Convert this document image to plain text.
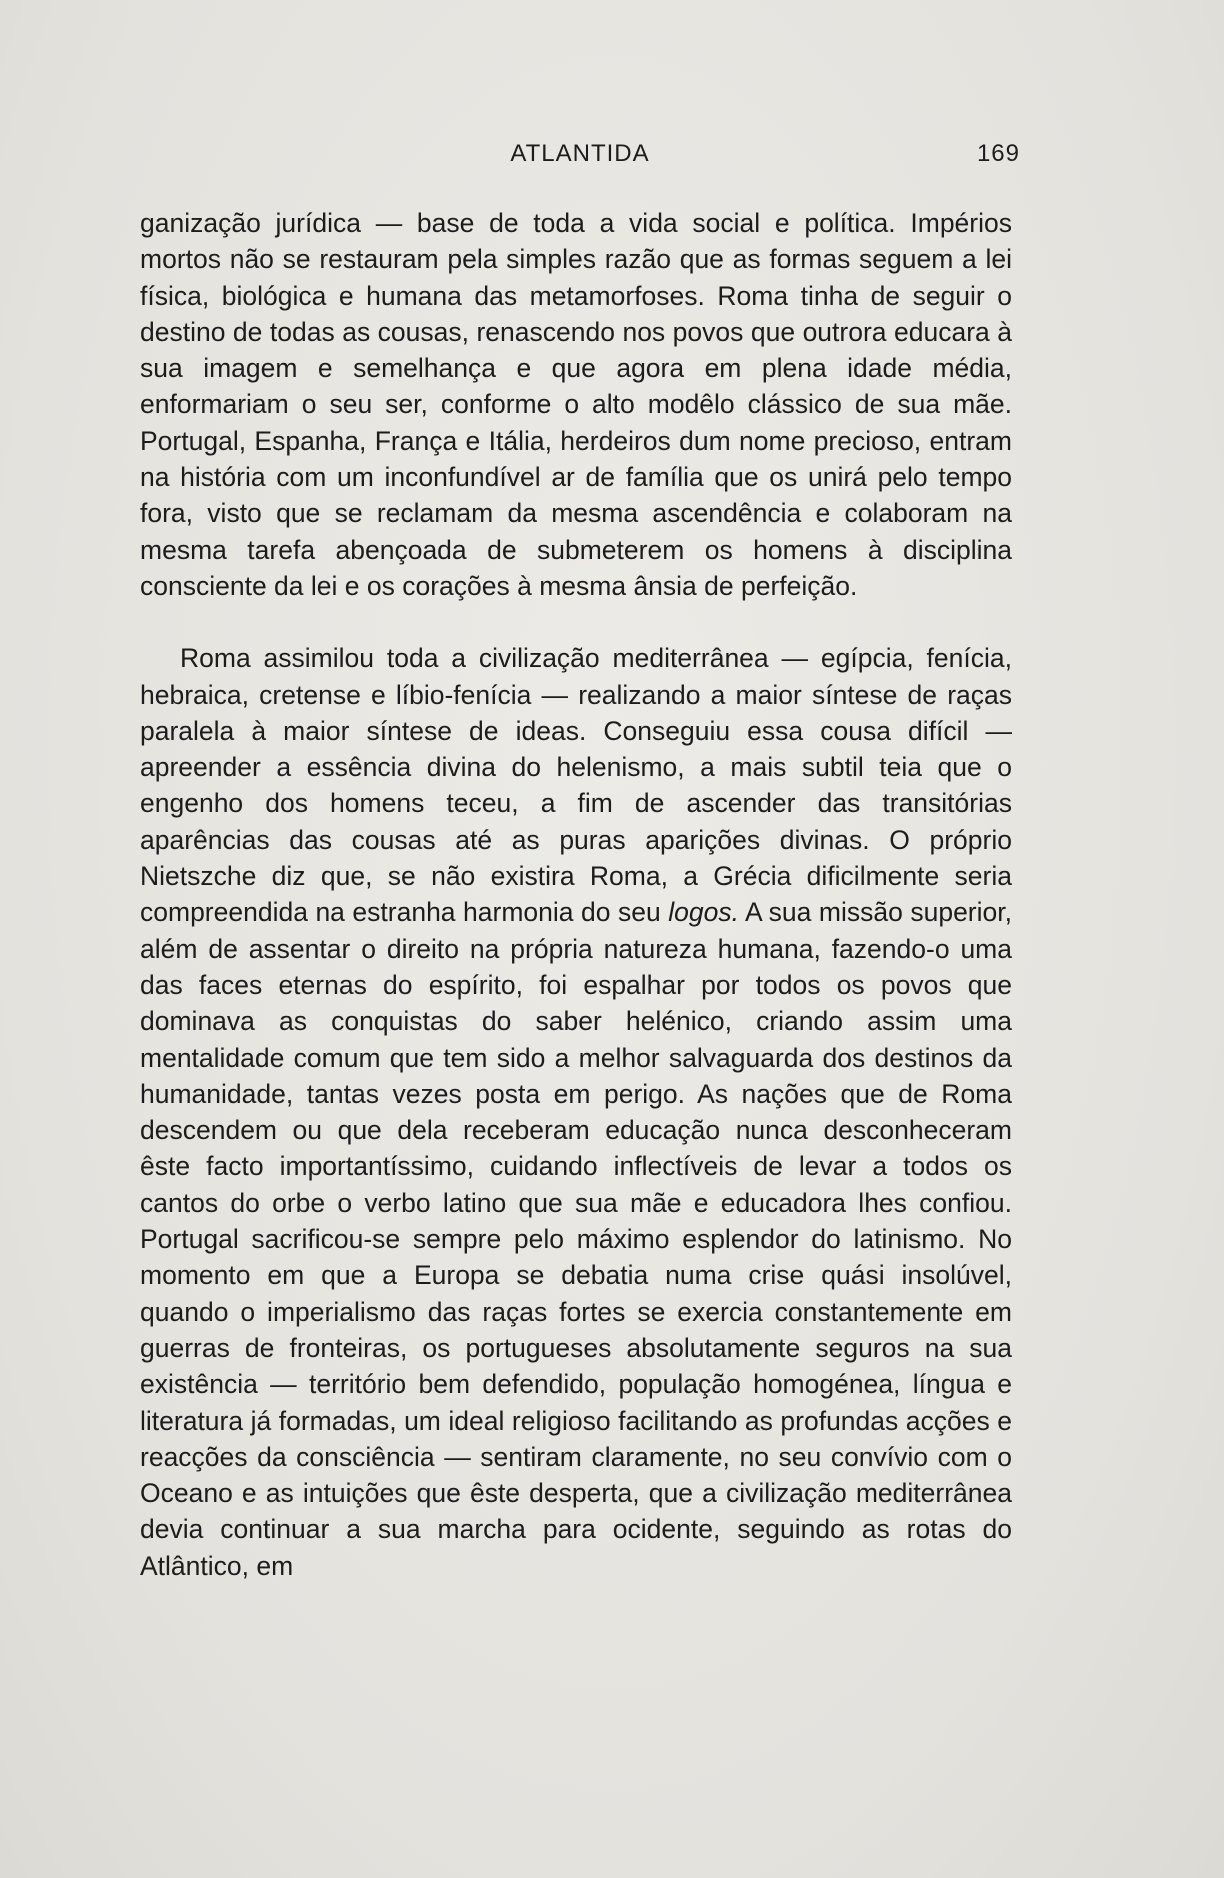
ATLANTIDA	169

ganização jurídica — base de toda a vida social e política. Impérios mortos não se restauram pela simples razão que as formas seguem a lei física, biológica e humana das metamorfoses. Roma tinha de seguir o destino de todas as cousas, renascendo nos povos que outrora educara à sua imagem e semelhança e que agora em plena idade média, enformariam o seu ser, conforme o alto modêlo clássico de sua mãe. Portugal, Espanha, França e Itália, herdeiros dum nome precioso, entram na história com um inconfundível ar de família que os unirá pelo tempo fora, visto que se reclamam da mesma ascendência e colaboram na mesma tarefa abençoada de submeterem os homens à disciplina consciente da lei e os corações à mesma ânsia de perfeição.

Roma assimilou toda a civilização mediterrânea — egípcia, fenícia, hebraica, cretense e líbio-fenícia — realizando a maior síntese de raças paralela à maior síntese de ideas. Conseguiu essa cousa difícil — apreender a essência divina do helenismo, a mais subtil teia que o engenho dos homens teceu, a fim de ascender das transitórias aparências das cousas até as puras aparições divinas. O próprio Nietszche diz que, se não existira Roma, a Grécia dificilmente seria compreendida na estranha harmonia do seu logos. A sua missão superior, além de assentar o direito na própria natureza humana, fazendo-o uma das faces eternas do espírito, foi espalhar por todos os povos que dominava as conquistas do saber helénico, criando assim uma mentalidade comum que tem sido a melhor salvaguarda dos destinos da humanidade, tantas vezes posta em perigo. As nações que de Roma descendem ou que dela receberam educação nunca desconheceram êste facto importantíssimo, cuidando inflectíveis de levar a todos os cantos do orbe o verbo latino que sua mãe e educadora lhes confiou. Portugal sacrificou-se sempre pelo máximo esplendor do latinismo. No momento em que a Europa se debatia numa crise quási insolúvel, quando o imperialismo das raças fortes se exercia constantemente em guerras de fronteiras, os portugueses absolutamente seguros na sua existência — território bem defendido, população homogénea, língua e literatura já formadas, um ideal religioso facilitando as profundas acções e reacções da consciência — sentiram claramente, no seu convívio com o Oceano e as intuições que êste desperta, que a civilização mediterrânea devia continuar a sua marcha para ocidente, seguindo as rotas do Atlântico, em
